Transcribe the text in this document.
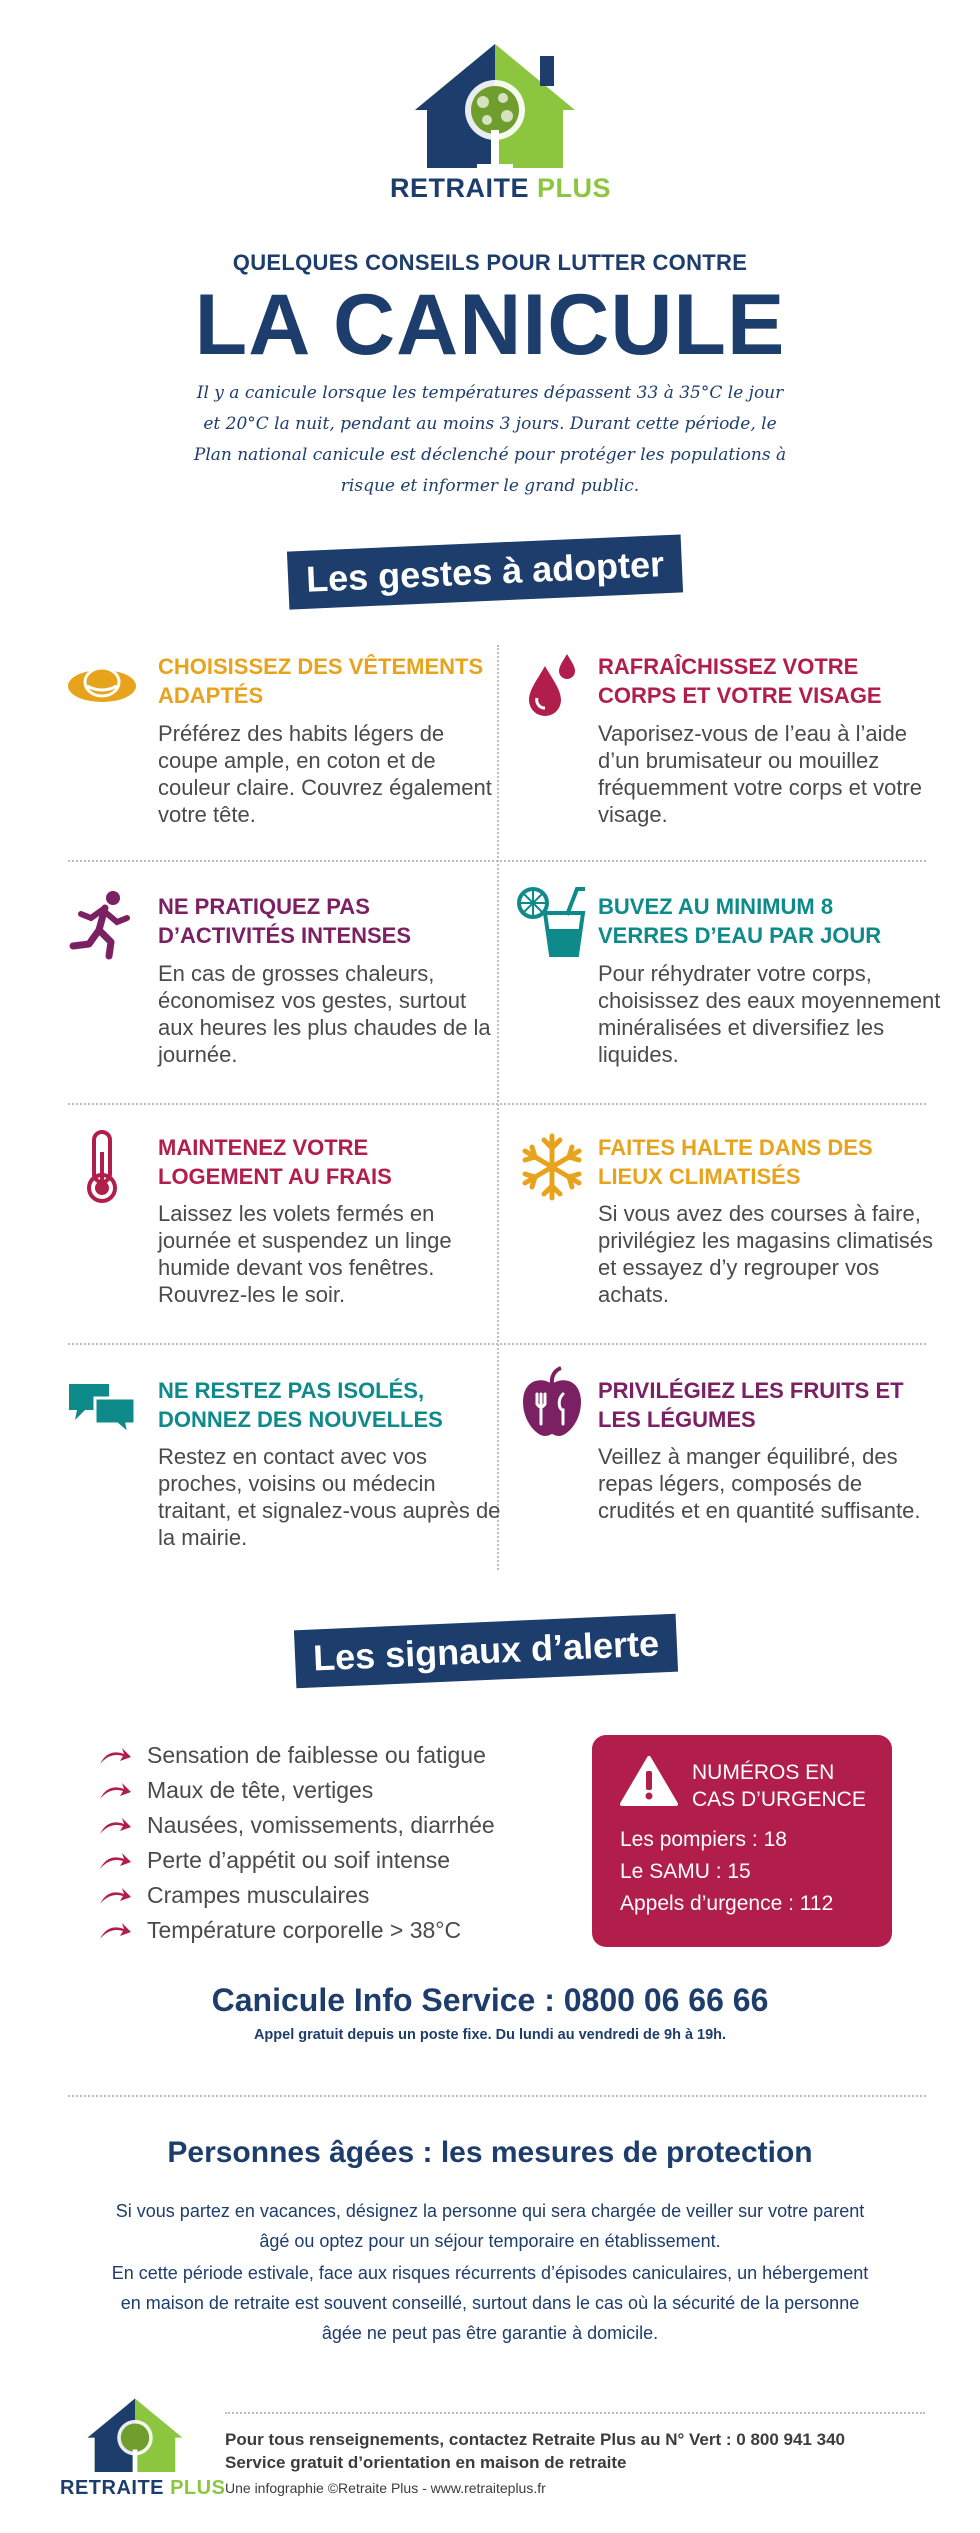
RETRAITE PLUS
QUELQUES CONSEILS POUR LUTTER CONTRE
LA CANICULE
Il y a canicule lorsque les températures dépassent 33 à 35°C le jour et 20°C la nuit, pendant au moins 3 jours. Durant cette période, le Plan national canicule est déclenché pour protéger les populations à risque et informer le grand public.
Les gestes à adopter
CHOISISSEZ DES VÊTEMENTS ADAPTÉS
Préférez des habits légers de coupe ample, en coton et de couleur claire. Couvrez également votre tête.
RAFRAÎCHISSEZ VOTRE CORPS ET VOTRE VISAGE
Vaporisez-vous de l’eau à l’aide d’un brumisateur ou mouillez fréquemment votre corps et votre visage.
NE PRATIQUEZ PAS D’ACTIVITÉS INTENSES
En cas de grosses chaleurs, économisez vos gestes, surtout aux heures les plus chaudes de la journée.
BUVEZ AU MINIMUM 8 VERRES D’EAU PAR JOUR
Pour réhydrater votre corps, choisissez des eaux moyennement minéralisées et diversifiez les liquides.
MAINTENEZ VOTRE LOGEMENT AU FRAIS
Laissez les volets fermés en journée et suspendez un linge humide devant vos fenêtres. Rouvrez-les le soir.
FAITES HALTE DANS DES LIEUX CLIMATISÉS
Si vous avez des courses à faire, privilégiez les magasins climatisés et essayez d’y regrouper vos achats.
NE RESTEZ PAS ISOLÉS, DONNEZ DES NOUVELLES
Restez en contact avec vos proches, voisins ou médecin traitant, et signalez-vous auprès de la mairie.
PRIVILÉGIEZ LES FRUITS ET LES LÉGUMES
Veillez à manger équilibré, des repas légers, composés de crudités et en quantité suffisante.
Les signaux d’alerte
Sensation de faiblesse ou fatigue
Maux de tête, vertiges
Nausées, vomissements, diarrhée
Perte d’appétit ou soif intense
Crampes musculaires
Température corporelle > 38°C
NUMÉROS EN CAS D’URGENCE
Les pompiers : 18
Le SAMU : 15
Appels d’urgence : 112
Canicule Info Service : 0800 06 66 66
Appel gratuit depuis un poste fixe. Du lundi au vendredi de 9h à 19h.
Personnes âgées : les mesures de protection
Si vous partez en vacances, désignez la personne qui sera chargée de veiller sur votre parent âgé ou optez pour un séjour temporaire en établissement.
En cette période estivale, face aux risques récurrents d’épisodes caniculaires, un hébergement en maison de retraite est souvent conseillé, surtout dans le cas où la sécurité de la personne âgée ne peut pas être garantie à domicile.
RETRAITE PLUS
Pour tous renseignements, contactez Retraite Plus au N° Vert : 0 800 941 340
Service gratuit d’orientation en maison de retraite
Une infographie ©Retraite Plus - www.retraiteplus.fr
